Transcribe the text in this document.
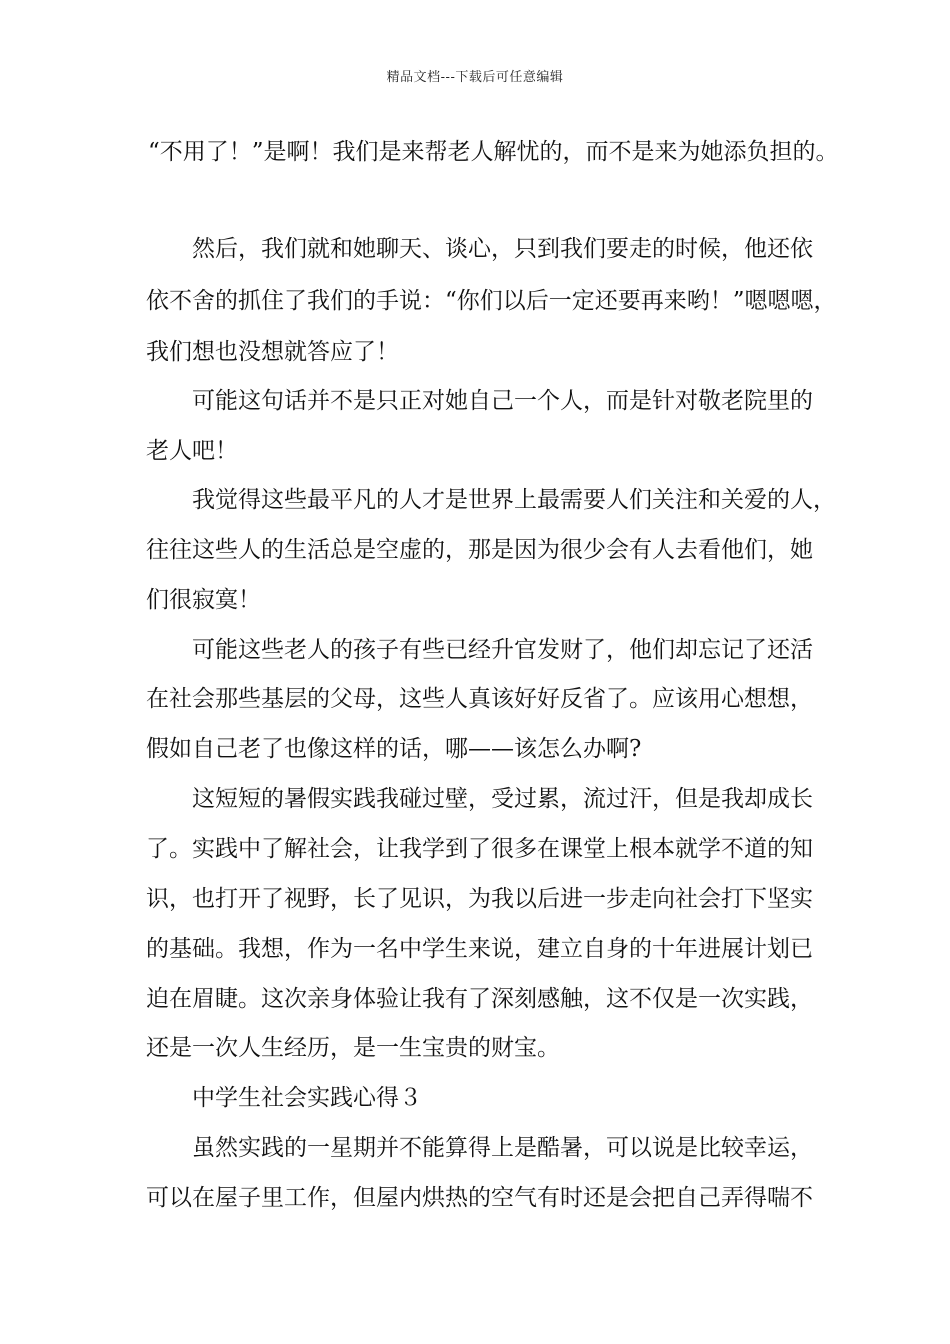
精品文档---下载后可任意编辑
“不用了！”是啊！我们是来帮老人解忧的，而不是来为她添负担的。
然后，我们就和她聊天、谈心，只到我们要走的时候，他还依
依不舍的抓住了我们的手说：“你们以后一定还要再来哟！”嗯嗯嗯，
我们想也没想就答应了！
可能这句话并不是只正对她自己一个人，而是针对敬老院里的
老人吧！
我觉得这些最平凡的人才是世界上最需要人们关注和关爱的人，
往往这些人的生活总是空虚的，那是因为很少会有人去看他们，她
们很寂寞！
可能这些老人的孩子有些已经升官发财了，他们却忘记了还活
在社会那些基层的父母，这些人真该好好反省了。应该用心想想，
假如自己老了也像这样的话，哪——该怎么办啊?
这短短的暑假实践我碰过壁，受过累，流过汗，但是我却成长
了。实践中了解社会，让我学到了很多在课堂上根本就学不道的知
识，也打开了视野，长了见识，为我以后进一步走向社会打下坚实
的基础。我想，作为一名中学生来说，建立自身的十年进展计划已
迫在眉睫。这次亲身体验让我有了深刻感触，这不仅是一次实践，
还是一次人生经历，是一生宝贵的财宝。
中学生社会实践心得３
虽然实践的一星期并不能算得上是酷暑，可以说是比较幸运，
可以在屋子里工作，但屋内烘热的空气有时还是会把自己弄得喘不
